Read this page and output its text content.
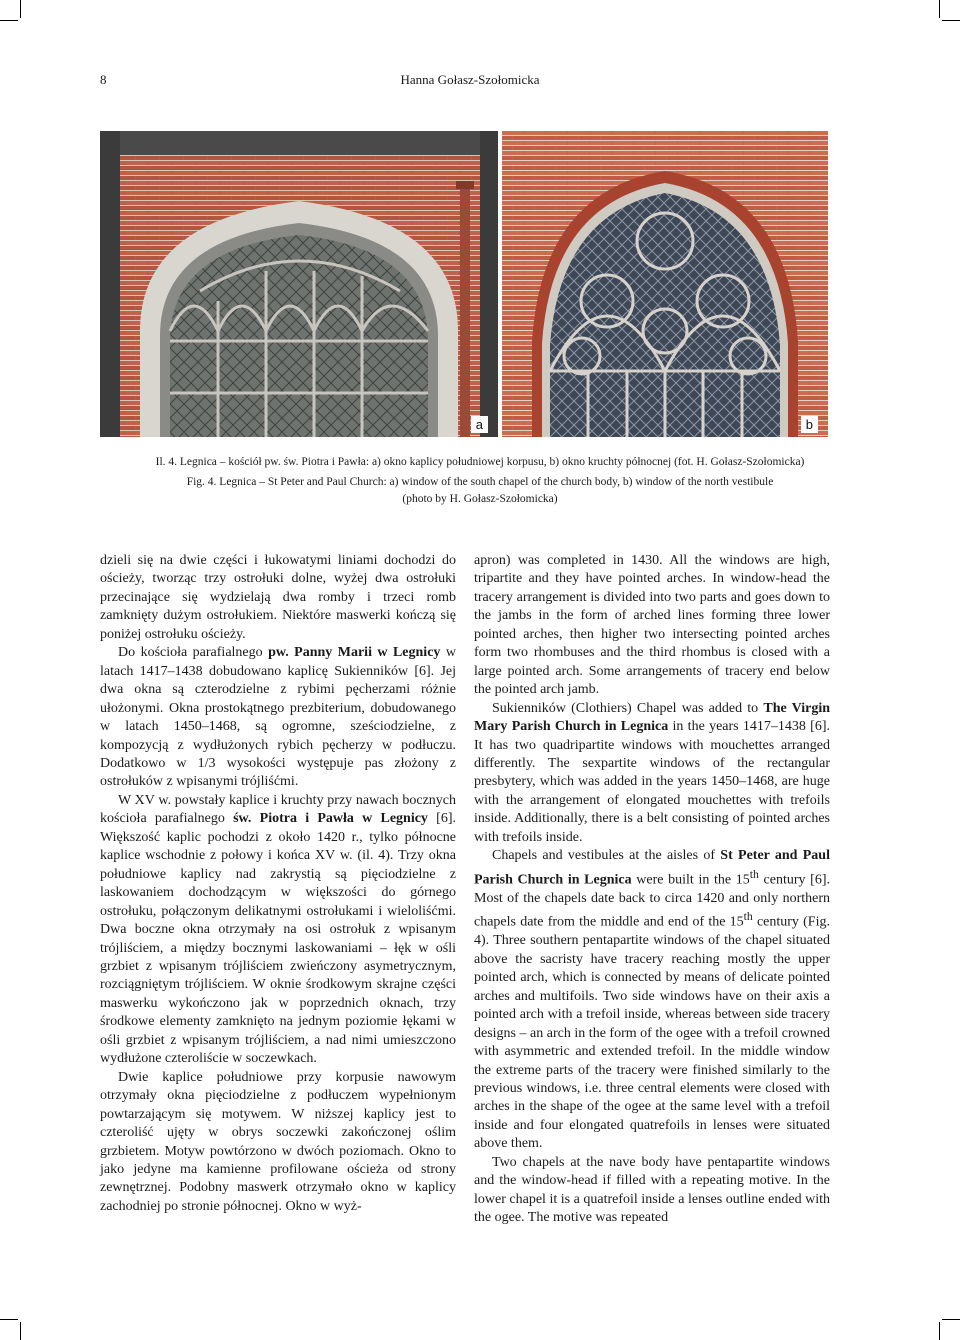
8	Hanna Gołasz-Szołomicka
a	b
Il. 4. Legnica – kościół pw. św. Piotra i Pawła: a) okno kaplicy południowej korpusu, b) okno kruchty północnej (fot. H. Gołasz-Szołomicka)
Fig. 4. Legnica – St Peter and Paul Church: a) window of the south chapel of the church body, b) window of the north vestibule
(photo by H. Gołasz-Szołomicka)

dzieli się na dwie części i łukowatymi liniami dochodzi do ościeży, tworząc trzy ostrołuki dolne, wyżej dwa ostrołuki przecinające się wydzielają dwa romby i trzeci romb zamknięty dużym ostrołukiem. Niektóre maswerki kończą się poniżej ostrołuku ościeży.

Do kościoła parafialnego pw. Panny Marii w Legnicy w latach 1417–1438 dobudowano kaplicę Sukienników [6]. Jej dwa okna są czterodzielne z rybimi pęcherzami różnie ułożonymi. Okna prostokątnego prezbiterium, dobudowanego w latach 1450–1468, są ogromne, sześciodzielne, z kompozycją z wydłużonych rybich pęcherzy w podłuczu. Dodatkowo w 1/3 wysokości występuje pas złożony z ostrołuków z wpisanymi trójliśćmi.

W XV w. powstały kaplice i kruchty przy nawach bocznych kościoła parafialnego św. Piotra i Pawła w Legnicy [6]. Większość kaplic pochodzi z około 1420 r., tylko północne kaplice wschodnie z połowy i końca XV w. (il. 4). Trzy okna południowe kaplicy nad zakrystią są pięciodzielne z laskowaniem dochodzącym w większości do górnego ostrołuku, połączonym delikatnymi ostrołukami i wieloliśćmi. Dwa boczne okna otrzymały na osi ostrołuk z wpisanym trójliściem, a między bocznymi laskowaniami – łęk w ośli grzbiet z wpisanym trójliściem zwieńczony asymetrycznym, rozciągniętym trójliściem. W oknie środkowym skrajne części maswerku wykończono jak w poprzednich oknach, trzy środkowe elementy zamknięto na jednym poziomie łękami w ośli grzbiet z wpisanym trójliściem, a nad nimi umieszczono wydłużone czteroliście w soczewkach.

Dwie kaplice południowe przy korpusie nawowym otrzymały okna pięciodzielne z podłuczem wypełnionym powtarzającym się motywem. W niższej kaplicy jest to czteroliść ujęty w obrys soczewki zakończonej oślim grzbietem. Motyw powtórzono w dwóch poziomach. Okno to jako jedyne ma kamienne profilowane ościeża od strony zewnętrznej. Podobny maswerk otrzymało okno w kaplicy zachodniej po stronie północnej. Okno w wyż-

apron) was completed in 1430. All the windows are high, tripartite and they have pointed arches. In window-head the tracery arrangement is divided into two parts and goes down to the jambs in the form of arched lines forming three lower pointed arches, then higher two intersecting pointed arches form two rhombuses and the third rhombus is closed with a large pointed arch. Some arrangements of tracery end below the pointed arch jamb.

Sukienników (Clothiers) Chapel was added to The Virgin Mary Parish Church in Legnica in the years 1417–1438 [6]. It has two quadripartite windows with mouchettes arranged differently. The sexpartite windows of the rectangular presbytery, which was added in the years 1450–1468, are huge with the arrangement of elongated mouchettes with trefoils inside. Additionally, there is a belt consisting of pointed arches with trefoils inside.

Chapels and vestibules at the aisles of St Peter and Paul Parish Church in Legnica were built in the 15th century [6]. Most of the chapels date back to circa 1420 and only northern chapels date from the middle and end of the 15th century (Fig. 4). Three southern pentapartite windows of the chapel situated above the sacristy have tracery reaching mostly the upper pointed arch, which is connected by means of delicate pointed arches and multifoils. Two side windows have on their axis a pointed arch with a trefoil inside, whereas between side tracery designs – an arch in the form of the ogee with a trefoil crowned with asymmetric and extended trefoil. In the middle window the extreme parts of the tracery were finished similarly to the previous windows, i.e. three central elements were closed with arches in the shape of the ogee at the same level with a trefoil inside and four elongated quatrefoils in lenses were situated above them.

Two chapels at the nave body have pentapartite windows and the window-head if filled with a repeating motive. In the lower chapel it is a quatrefoil inside a lenses outline ended with the ogee. The motive was repeated
